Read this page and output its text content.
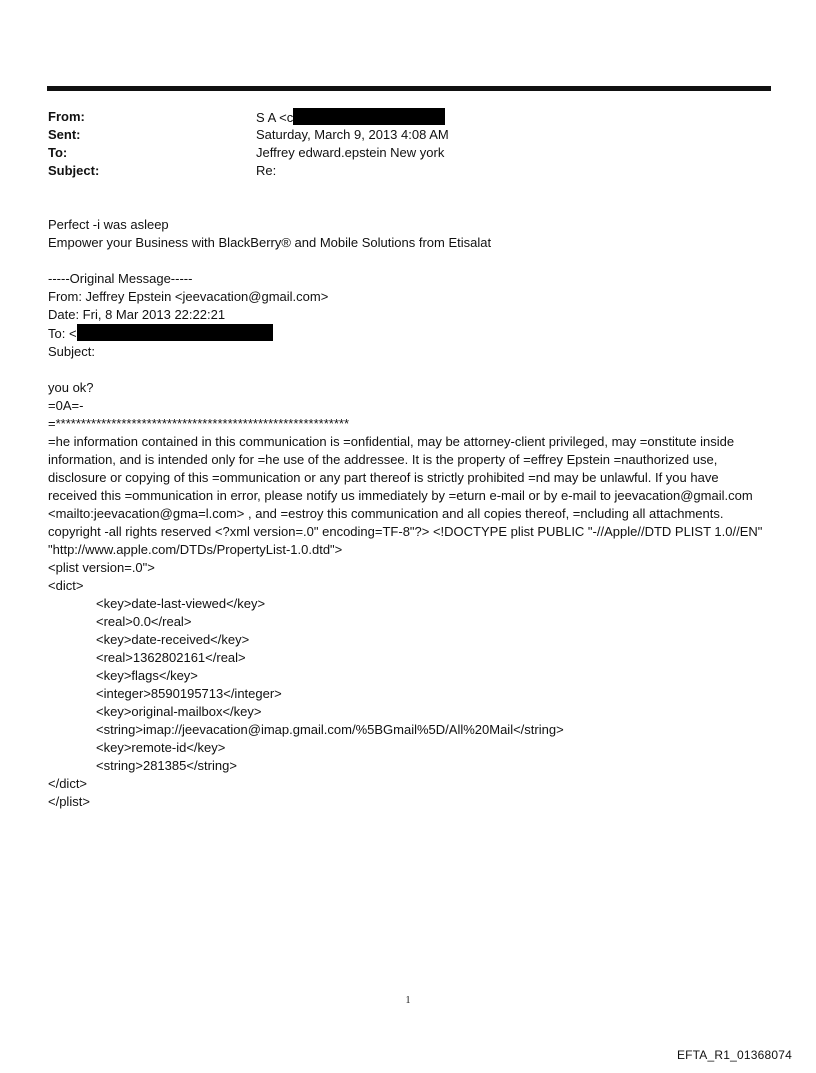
From:	S A <c
Sent:	Saturday, March 9, 2013 4:08 AM
To:	Jeffrey edward.epstein New york
Subject:	Re:
Perfect -i was asleep
Empower your Business with BlackBerry® and Mobile Solutions from Etisalat
-----Original Message-----
From: Jeffrey Epstein <jeevacation@gmail.com>
Date: Fri, 8 Mar 2013 22:22:21
To: <
Subject:
you ok?
=0A=-
=**********************************************************
=he information contained in this communication is =onfidential, may be attorney-client privileged, may =onstitute inside information, and is intended only for =he use of the addressee. It is the property of =effrey Epstein =nauthorized use, disclosure or copying of this =ommunication or any part thereof is strictly prohibited =nd may be unlawful. If you have received this =ommunication in error, please notify us immediately by =eturn e-mail or by e-mail to jeevacation@gmail.com <mailto:jeevacation@gma=l.com> , and =estroy this communication and all copies thereof, =ncluding all attachments. copyright -all rights reserved <?xml version=.0" encoding=TF-8"?> <!DOCTYPE plist PUBLIC "-//Apple//DTD PLIST 1.0//EN" "http://www.apple.com/DTDs/PropertyList-1.0.dtd">
<plist version=.0">
<dict>
<key>date-last-viewed</key>
<real>0.0</real>
<key>date-received</key>
<real>1362802161</real>
<key>flags</key>
<integer>8590195713</integer>
<key>original-mailbox</key>
<string>imap://jeevacation@imap.gmail.com/%5BGmail%5D/All%20Mail</string>
<key>remote-id</key>
<string>281385</string>
</dict>
</plist>
1
EFTA_R1_01368074
